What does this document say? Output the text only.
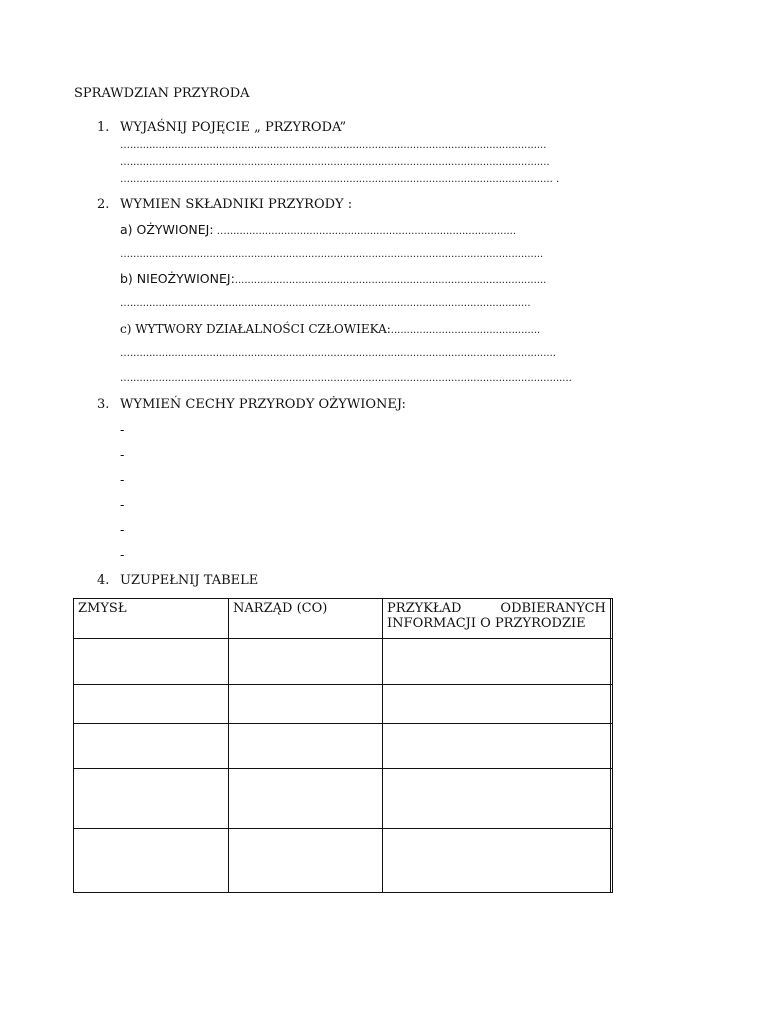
SPRAWDZIAN PRZYRODA
1. WYJAŚNIJ POJĘCIE „ PRZYRODA”
…...................................................................................................................................
…....................................................................................................................................
…..................................................................................................................................... .
2. WYMIEN SKŁADNIKI PRZYRODY :
a) OŻYWIONEJ: …...........................................................................................
…..................................................................................................................................
b) NIEOŻYWIONEJ:..................................................................................................
…..............................................................................................................................
c) WYTWORY DZIAŁALNOŚCI CZŁOWIEKA:...............................................
…......................................................................................................................................
…...........................................................................................................................................
3. WYMIEŃ CECHY PRZYRODY OŻYWIONEJ:
-
-
-
-
-
-
4. UZUPEŁNIJ TABELE
ZMYSŁ	NARZĄD (CO)	PRZYKŁAD ODBIERANYCH INFORMACJI O PRZYRODZIE	
